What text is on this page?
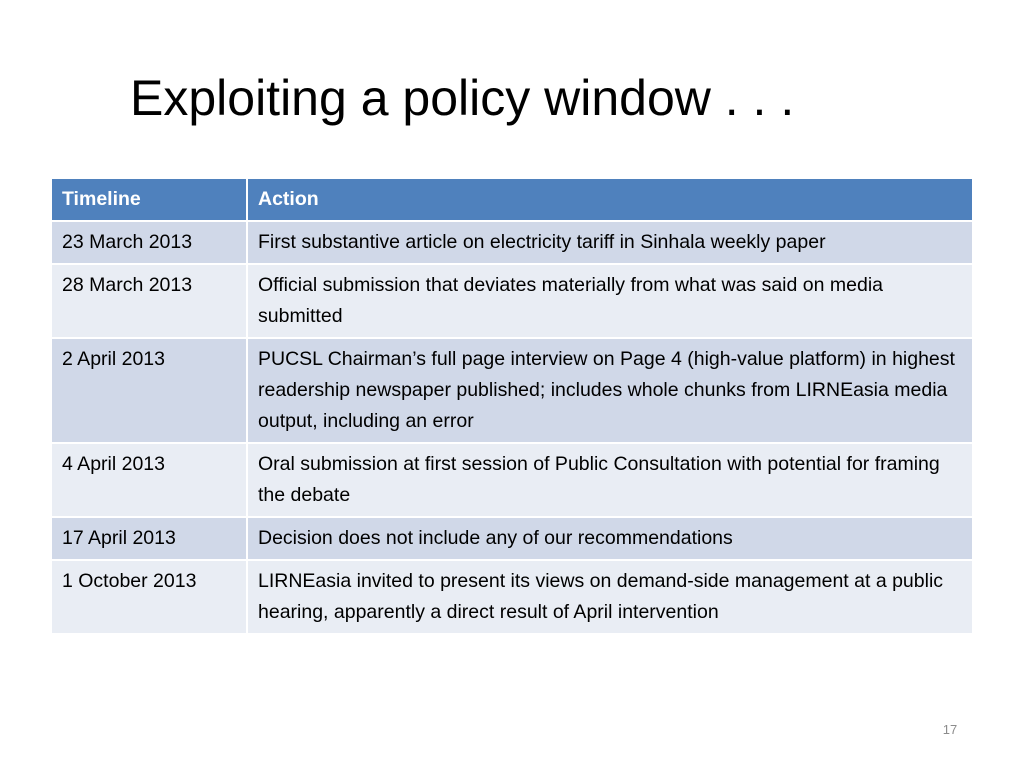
Exploiting a policy window . . .
Timeline	Action
23 March 2013	First substantive article on electricity tariff in Sinhala weekly paper
28 March 2013	Official submission that deviates materially from what was said on media submitted
2 April 2013	PUCSL Chairman’s full page interview on Page 4 (high-value platform) in highest readership newspaper published; includes whole chunks from LIRNEasia media output, including an error
4 April 2013	Oral submission at first session of Public Consultation with potential for framing the debate
17 April 2013	Decision does not include any of our recommendations
1 October 2013	LIRNEasia invited to present its views on demand-side management at a public hearing, apparently a direct result of April intervention
17
